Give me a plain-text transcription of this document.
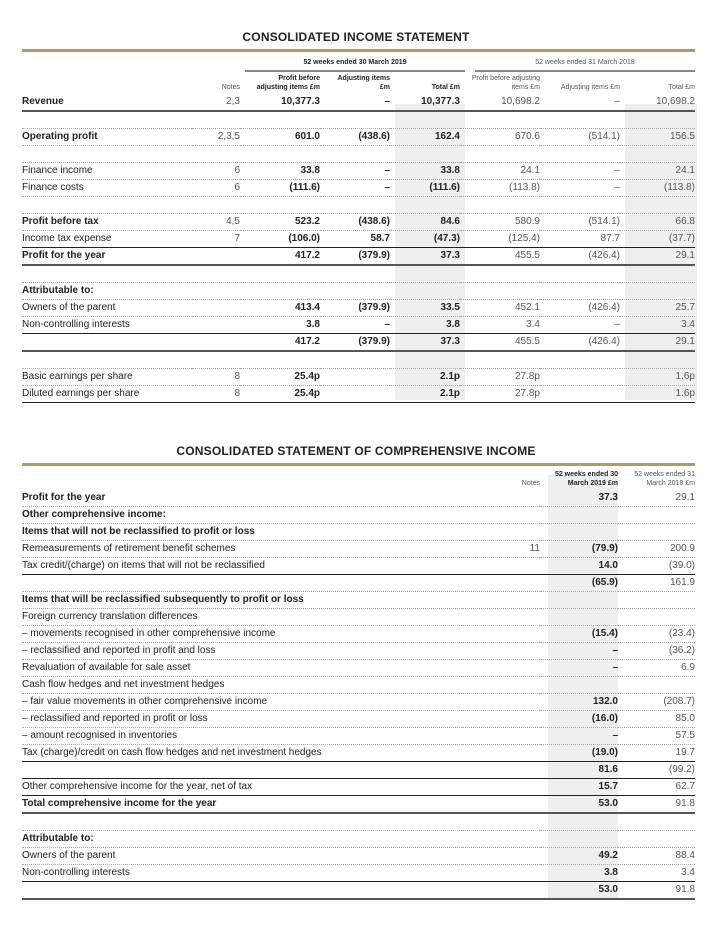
CONSOLIDATED INCOME STATEMENT
52 weeks ended 30 March 2019	52 weeks ended 31 March 2018
	Notes	Profit before adjusting items £m	Adjusting items £m	Total £m	Profit before adjusting items £m	Adjusting items £m	Total £m
Revenue	2,3	10,377.3	–	10,377.3	10,698.2	–	10,698.2

Operating profit	2,3,5	601.0	(438.6)	162.4	670.6	(514.1)	156.5

Finance income	6	33.8	–	33.8	24.1	–	24.1
Finance costs	6	(111.6)	–	(111.6)	(113.8)	–	(113.8)

Profit before tax	4,5	523.2	(438.6)	84.6	580.9	(514.1)	66.8
Income tax expense	7	(106.0)	58.7	(47.3)	(125.4)	87.7	(37.7)
Profit for the year		417.2	(379.9)	37.3	455.5	(426.4)	29.1

Attributable to:							
Owners of the parent		413.4	(379.9)	33.5	452.1	(426.4)	25.7
Non-controlling interests		3.8	–	3.8	3.4	–	3.4
		417.2	(379.9)	37.3	455.5	(426.4)	29.1

Basic earnings per share	8	25.4p		2.1p	27.8p		1.6p
Diluted earnings per share	8	25.4p		2.1p	27.8p		1.6p
CONSOLIDATED STATEMENT OF COMPREHENSIVE INCOME
	Notes	52 weeks ended 30 March 2019 £m	52 weeks ended 31 March 2018 £m
Profit for the year		37.3	29.1
Other comprehensive income:			
Items that will not be reclassified to profit or loss			
Remeasurements of retirement benefit schemes	11	(79.9)	200.9
Tax credit/(charge) on items that will not be reclassified		14.0	(39.0)
		(65.9)	161.9
Items that will be reclassified subsequently to profit or loss			
Foreign currency translation differences			
– movements recognised in other comprehensive income		(15.4)	(23.4)
– reclassified and reported in profit and loss		–	(36.2)
Revaluation of available for sale asset		–	6.9
Cash flow hedges and net investment hedges			
– fair value movements in other comprehensive income		132.0	(208.7)
– reclassified and reported in profit or loss		(16.0)	85.0
– amount recognised in inventories		–	57.5
Tax (charge)/credit on cash flow hedges and net investment hedges		(19.0)	19.7
		81.6	(99.2)
Other comprehensive income for the year, net of tax		15.7	62.7
Total comprehensive income for the year		53.0	91.8

Attributable to:			
Owners of the parent		49.2	88.4
Non-controlling interests		3.8	3.4
		53.0	91.8
